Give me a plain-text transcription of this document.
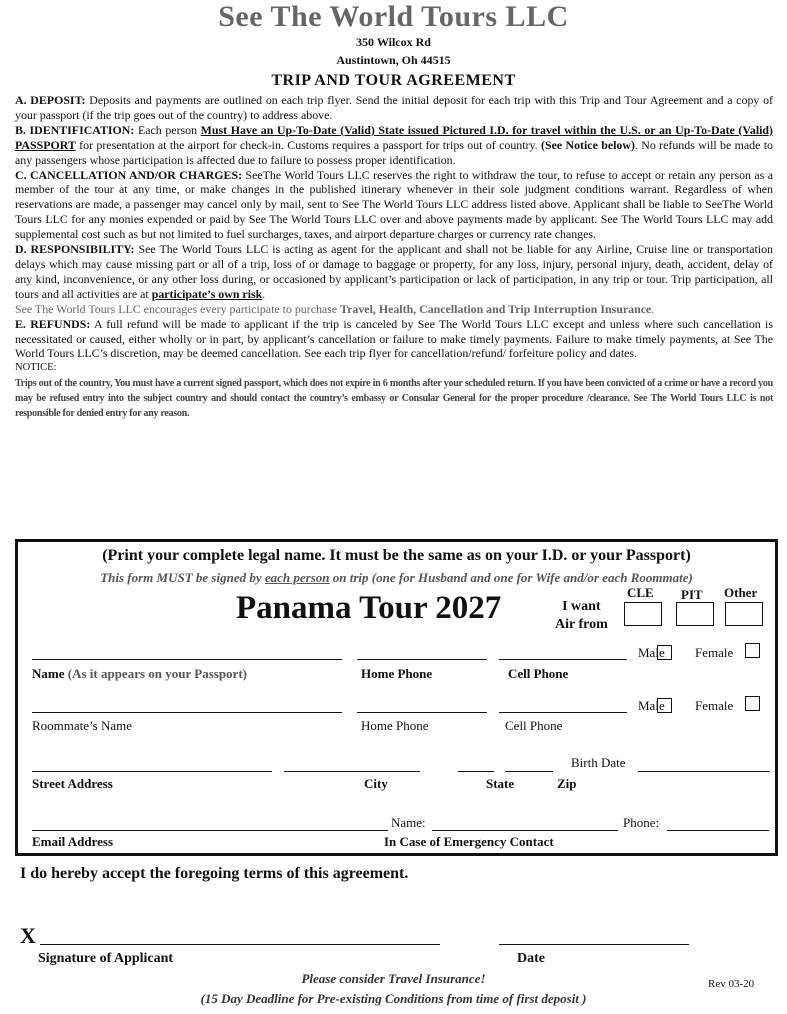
See The World Tours LLC
350 Wilcox Rd
Austintown, Oh 44515
TRIP AND TOUR AGREEMENT

A. DEPOSIT: Deposits and payments are outlined on each trip flyer. Send the initial deposit for each trip with this Trip and Tour Agreement and a copy of your passport (if the trip goes out of the country) to address above.

B. IDENTIFICATION: Each person Must Have an Up-To-Date (Valid) State issued Pictured I.D. for travel within the U.S. or an Up-To-Date (Valid) PASSPORT for presentation at the airport for check-in. Customs requires a passport for trips out of country. (See Notice below). No refunds will be made to any passengers whose participation is affected due to failure to possess proper identification.

C. CANCELLATION AND/OR CHARGES: SeeThe World Tours LLC reserves the right to withdraw the tour, to refuse to accept or retain any person as a member of the tour at any time, or make changes in the published itinerary whenever in their sole judgment conditions warrant. Regardless of when reservations are made, a passenger may cancel only by mail, sent to See The World Tours LLC address listed above. Applicant shall be liable to SeeThe World Tours LLC for any monies expended or paid by See The World Tours LLC over and above payments made by applicant. See The World Tours LLC may add supplemental cost such as but not limited to fuel surcharges, taxes, and airport departure charges or currency rate changes.

D. RESPONSIBILITY: See The World Tours LLC is acting as agent for the applicant and shall not be liable for any Airline, Cruise line or transportation delays which may cause missing part or all of a trip, loss of or damage to baggage or property, for any loss, injury, personal injury, death, accident, delay of any kind, inconvenience, or any other loss during, or occasioned by applicant’s participation or lack of participation, in any trip or tour. Trip participation, all tours and all activities are at participate’s own risk.

See The World Tours LLC encourages every participate to purchase Travel, Health, Cancellation and Trip Interruption Insurance.

E. REFUNDS: A full refund will be made to applicant if the trip is canceled by See The World Tours LLC except and unless where such cancellation is necessitated or caused, either wholly or in part, by applicant’s cancellation or failure to make timely payments. Failure to make timely payments, at See The World Tours LLC’s discretion, may be deemed cancellation. See each trip flyer for cancellation/refund/ forfeiture policy and dates.

NOTICE:

Trips out of the country, You must have a current signed passport, which does not expire in 6 months after your scheduled return. If you have been convicted of a crime or have a record you may be refused entry into the subject country and should contact the country’s embassy or Consular General for the proper procedure /clearance. See The World Tours LLC is not responsible for denied entry for any reason.

(Print your complete legal name. It must be the same as on your I.D. or your Passport)
This form MUST be signed by each person on trip (one for Husband and one for Wife and/or each Roommate)
Panama Tour 2027	I want
Air from
CLE PIT Other
Male Female
Name (As it appears on your Passport)	Home Phone	Cell Phone
Male Female
Roommate’s Name	Home Phone	Cell Phone
Birth Date
Street Address	City	State	Zip
Name:	Phone:
Email Address	In Case of Emergency Contact
I do hereby accept the foregoing terms of this agreement.
X
Signature of Applicant	Date
Please consider Travel Insurance!
(15 Day Deadline for Pre-existing Conditions from time of first deposit )
Rev 03-20
